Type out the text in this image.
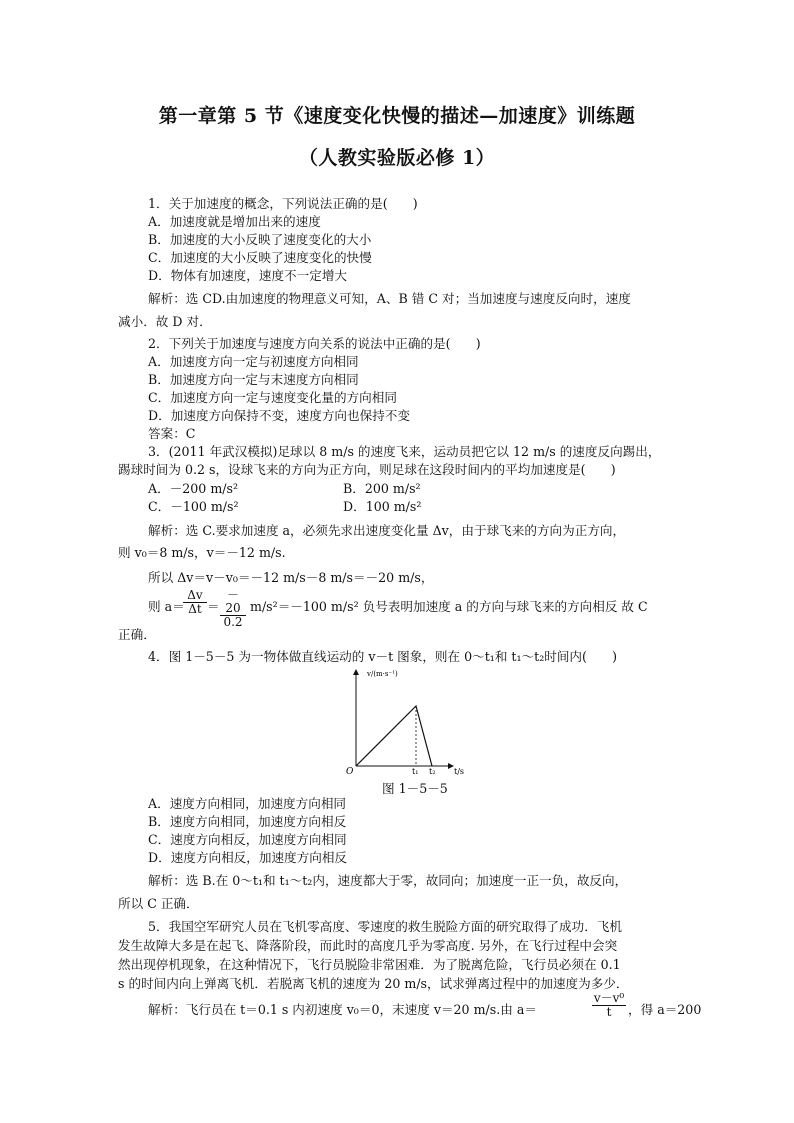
第一章第 5 节《速度变化快慢的描述—加速度》训练题
（人教实验版必修 1）
1．关于加速度的概念，下列说法正确的是(　　)
A．加速度就是增加出来的速度
B．加速度的大小反映了速度变化的大小
C．加速度的大小反映了速度变化的快慢
D．物体有加速度，速度不一定增大
解析：选 CD.由加速度的物理意义可知，A、B 错 C 对；当加速度与速度反向时，速度
减小．故 D 对．
2．下列关于加速度与速度方向关系的说法中正确的是(　　)
A．加速度方向一定与初速度方向相同
B．加速度方向一定与末速度方向相同
C．加速度方向一定与速度变化量的方向相同
D．加速度方向保持不变，速度方向也保持不变
答案：C
3．(2011 年武汉模拟)足球以 8 m/s 的速度飞来，运动员把它以 12 m/s 的速度反向踢出，
踢球时间为 0.2 s，设球飞来的方向为正方向，则足球在这段时间内的平均加速度是(　　)
A．－200 m/s²	B．200 m/s²
C．－100 m/s²	D．100 m/s²
解析：选 C.要求加速度 a，必须先求出速度变化量 Δv，由于球飞来的方向为正方向，
则 v₀＝8 m/s，v＝－12 m/s.
所以 Δv＝v－v₀＝－12 m/s－8 m/s＝－20 m/s，
则 a＝
$\frac{\Delta v}{\Delta t} = \frac{-20}{0.2} m/s^2=-100$ m/s² 负号表明加速度 a 的方向与球飞来的方向相反 故 C
正确．
4．图 1－5－5 为一物体做直线运动的 v－t 图象，则在 0～t₁和 t₁～t₂时间内(　　)
v/(m·s⁻¹)
t/s
O	t₁ t₂
图 1－5－5
A．速度方向相同，加速度方向相同
B．速度方向相同，加速度方向相反
C．速度方向相反，加速度方向相同
D．速度方向相反，加速度方向相反
解析：选 B.在 0～t₁和 t₁～t₂内，速度都大于零，故同向；加速度一正一负，故反向，
所以 C 正确．
5．我国空军研究人员在飞机零高度、零速度的救生脱险方面的研究取得了成功．飞机
发生故障大多是在起飞、降落阶段，而此时的高度几乎为零高度. 另外，在飞行过程中会突
然出现停机现象，在这种情况下，飞行员脱险非常困难．为了脱离危险，飞行员必须在 0.1
s 的时间内向上弹离飞机．若脱离飞机的速度为 20 m/s，试求弹离过程中的加速度为多少．
解析：飞行员在 t＝0.1 s 内初速度 v₀＝0，末速度 v＝20 m/s.由 a＝	$\frac{\text{v－v⁰}}{t}$ ，得 a＝200
